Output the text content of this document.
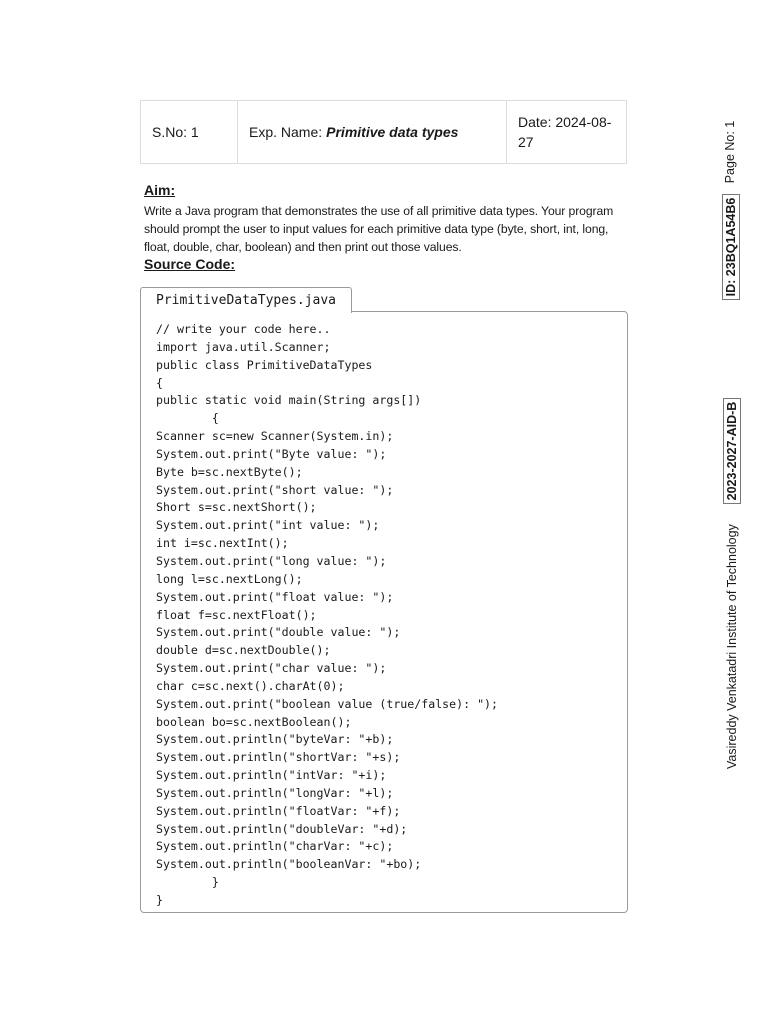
S.No: 1	Exp. Name: Primitive data types
Date: 2024-08-27
Aim:
Write a Java program that demonstrates the use of all primitive data types. Your program should prompt the user to input values for each primitive data type (byte, short, int, long, float, double, char, boolean) and then print out those values.
Source Code:
PrimitiveDataTypes.java
// write your code here..
import java.util.Scanner;
public class PrimitiveDataTypes
{
public static void main(String args[])
{
Scanner sc=new Scanner(System.in);
System.out.print("Byte value: ");
Byte b=sc.nextByte();
System.out.print("short value: ");
Short s=sc.nextShort();
System.out.print("int value: ");
int i=sc.nextInt();
System.out.print("long value: ");
long l=sc.nextLong();
System.out.print("float value: ");
float f=sc.nextFloat();
System.out.print("double value: ");
double d=sc.nextDouble();
System.out.print("char value: ");
char c=sc.next().charAt(0);
System.out.print("boolean value (true/false): ");
boolean bo=sc.nextBoolean();
System.out.println("byteVar: "+b);
System.out.println("shortVar: "+s);
System.out.println("intVar: "+i);
System.out.println("longVar: "+l);
System.out.println("floatVar: "+f);
System.out.println("doubleVar: "+d);
System.out.println("charVar: "+c);
System.out.println("booleanVar: "+bo);
}
}
Page No: 1
ID: 23BQ1A54B6
2023-2027-AID-B
Vasireddy Venkatadri Institute of Technology
